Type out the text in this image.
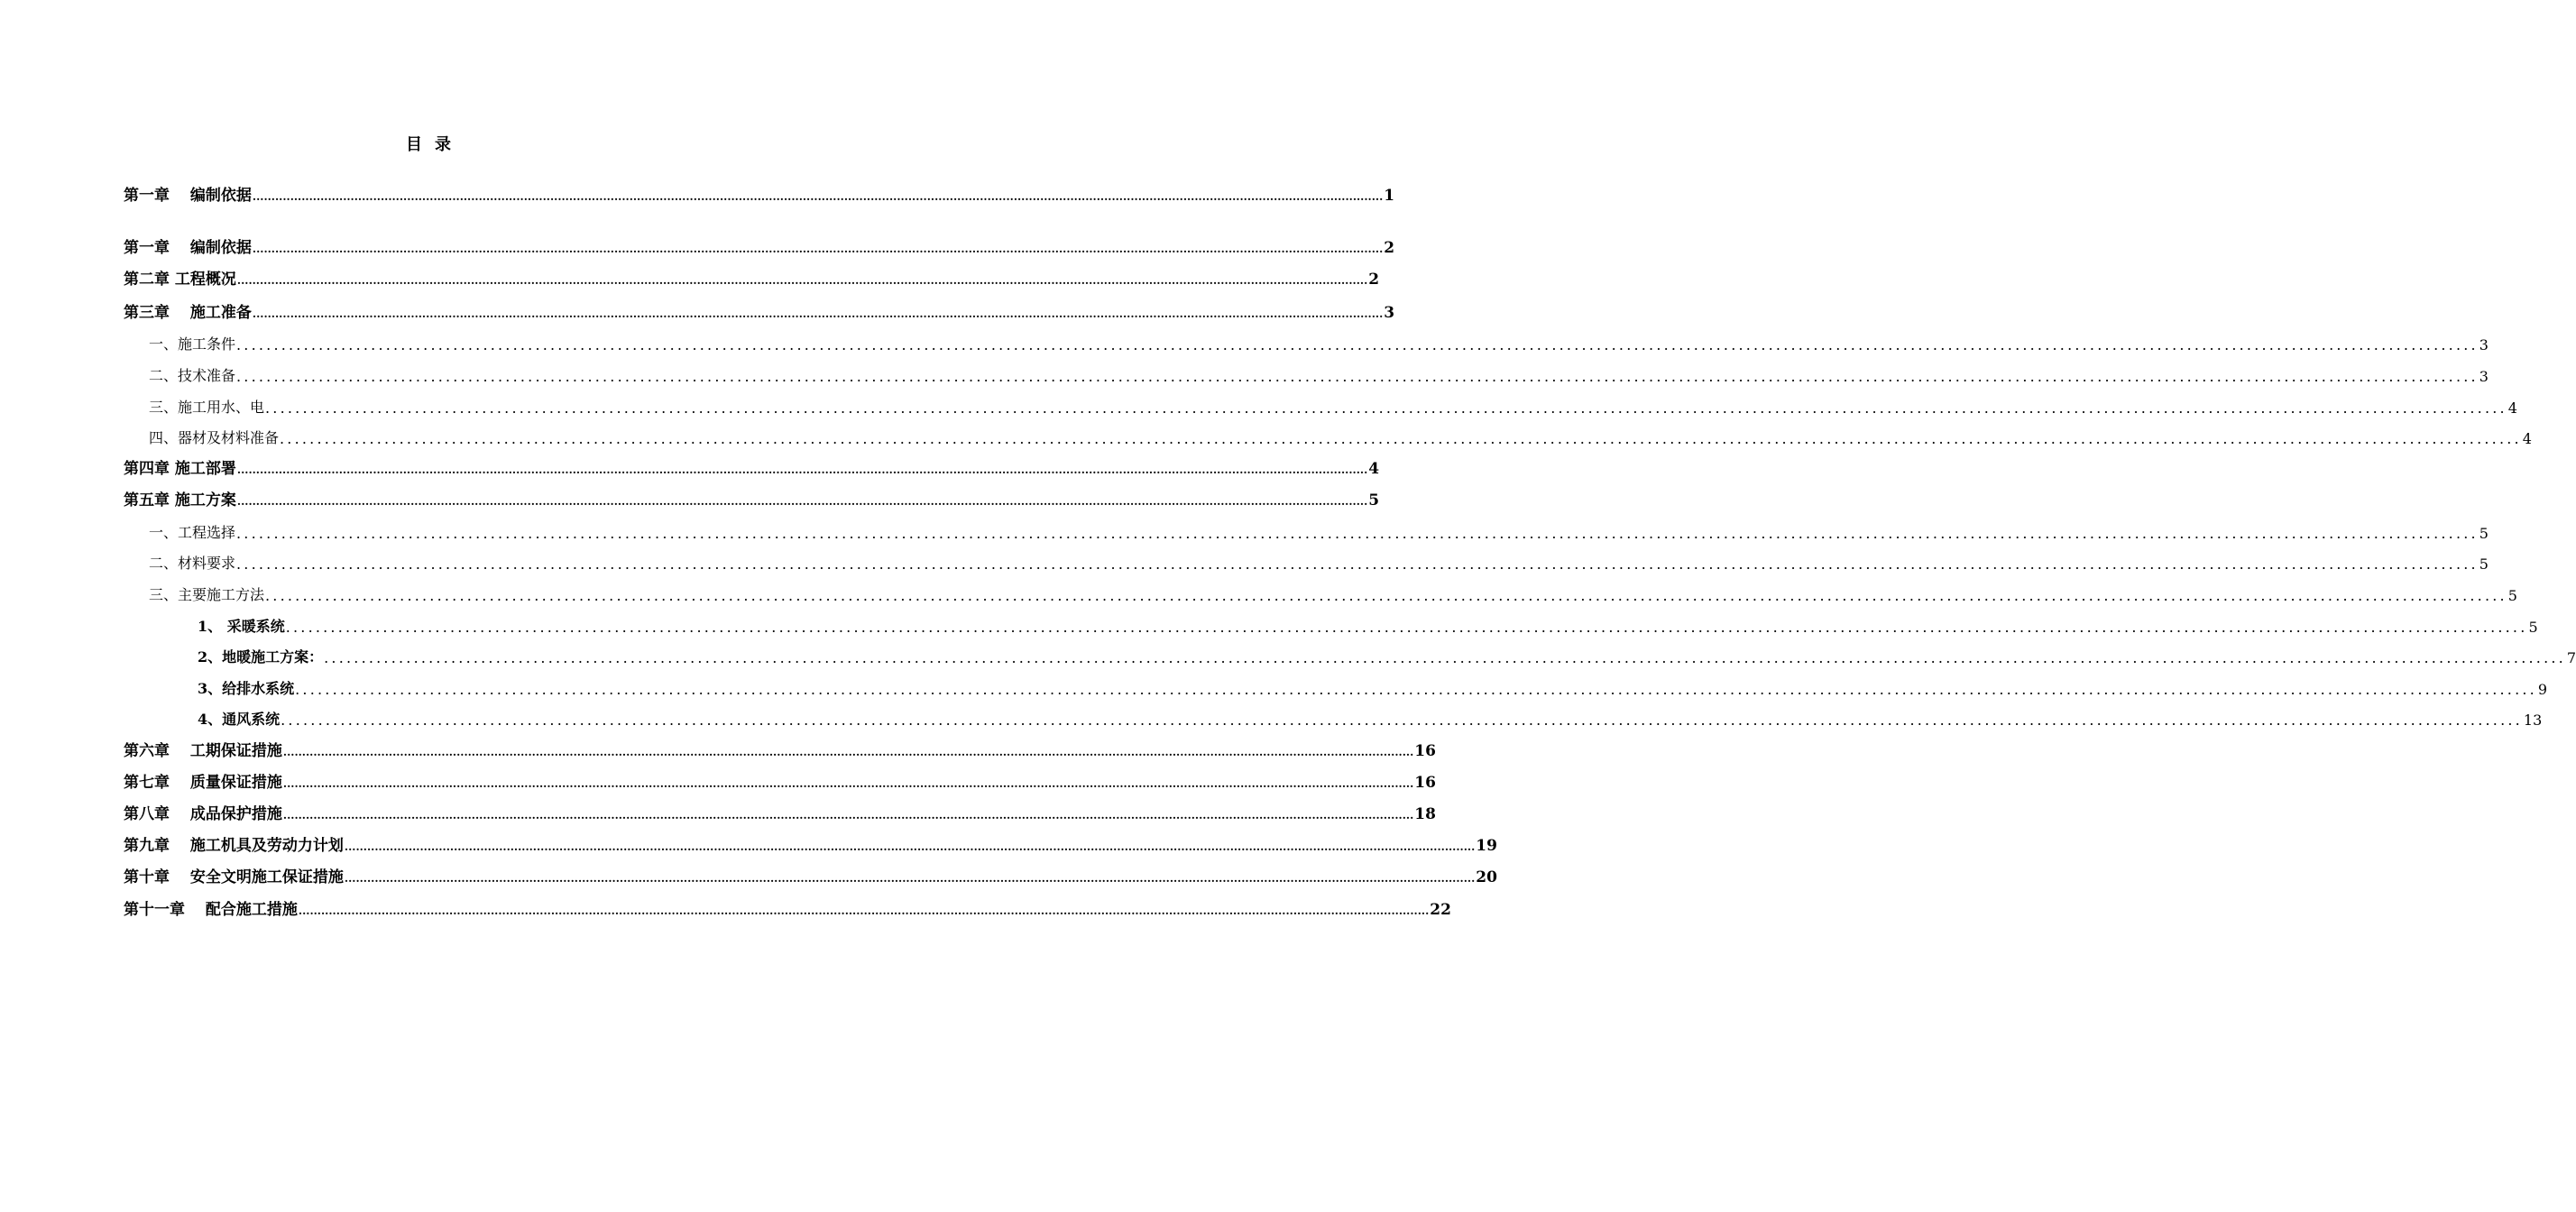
目录
第一章　 编制依据 ............................................................................................................................................................................................................................................................................................................ 1
第一章　 编制依据 ............................................................................................................................................................................................................................................................................................................ 2
第二章 工程概况 ............................................................................................................................................................................................................................................................................................................ 2
第三章　 施工准备 ............................................................................................................................................................................................................................................................................................................ 3
一、施工条件 ............................................................................................................................................................................................................................................................................................................ 3
二、技术准备 ............................................................................................................................................................................................................................................................................................................ 3
三、施工用水、电 ............................................................................................................................................................................................................................................................................................................ 4
四、器材及材料准备 ............................................................................................................................................................................................................................................................................................................ 4
第四章 施工部署 ............................................................................................................................................................................................................................................................................................................ 4
第五章 施工方案 ............................................................................................................................................................................................................................................................................................................ 5
一、工程选择 ............................................................................................................................................................................................................................................................................................................ 5
二、材料要求 ............................................................................................................................................................................................................................................................................................................ 5
三、主要施工方法 ............................................................................................................................................................................................................................................................................................................ 5
1、 采暖系统 ............................................................................................................................................................................................................................................................................................................ 5
2、地暖施工方案： ............................................................................................................................................................................................................................................................................................................ 7
3、给排水系统 ............................................................................................................................................................................................................................................................................................................ 9
4、通风系统 ............................................................................................................................................................................................................................................................................................................ 13
第六章　 工期保证措施 ............................................................................................................................................................................................................................................................................................................ 16
第七章　 质量保证措施 ............................................................................................................................................................................................................................................................................................................ 16
第八章　 成品保护措施 ............................................................................................................................................................................................................................................................................................................ 18
第九章　 施工机具及劳动力计划 ............................................................................................................................................................................................................................................................................................................ 19
第十章　 安全文明施工保证措施 ............................................................................................................................................................................................................................................................................................................ 20
第十一章　 配合施工措施 ............................................................................................................................................................................................................................................................................................................ 22
